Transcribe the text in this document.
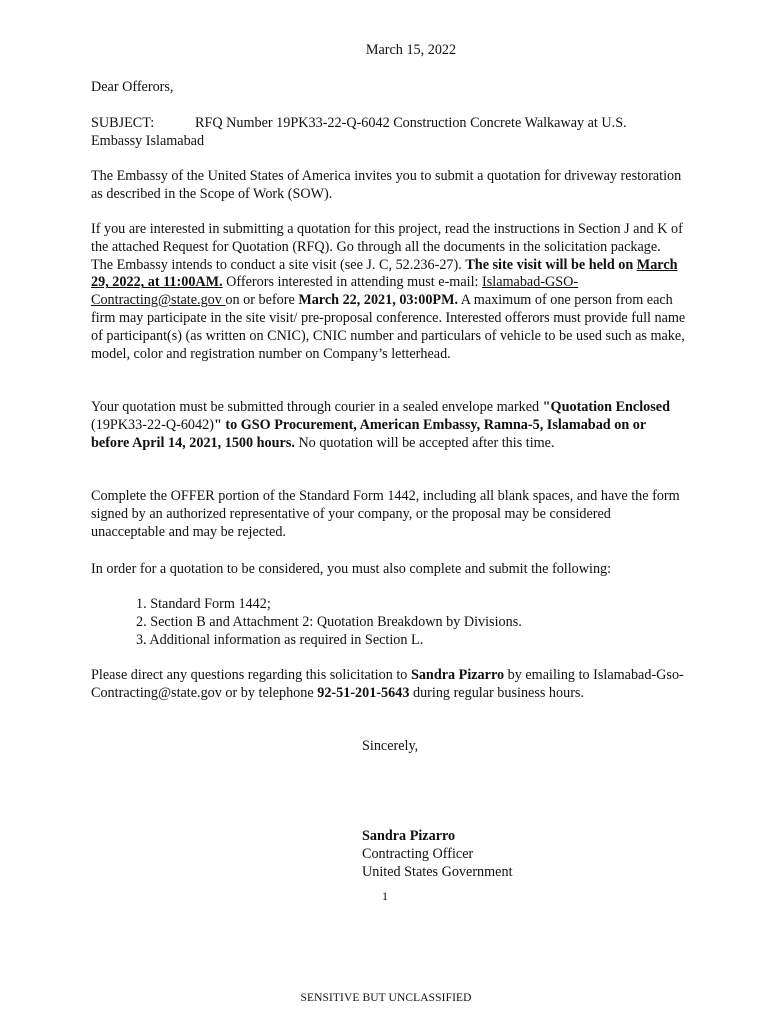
March 15, 2022
Dear Offerors,
SUBJECT:	RFQ Number 19PK33-22-Q-6042 Construction Concrete Walkaway at U.S. Embassy Islamabad

The Embassy of the United States of America invites you to submit a quotation for driveway restoration as described in the Scope of Work (SOW).

If you are interested in submitting a quotation for this project, read the instructions in Section J and K of the attached Request for Quotation (RFQ). Go through all the documents in the solicitation package. The Embassy intends to conduct a site visit (see J. C, 52.236-27). The site visit will be held on March 29, 2022, at 11:00AM. Offerors interested in attending must e-mail: Islamabad-GSO-Contracting@state.gov on or before March 22, 2021, 03:00PM. A maximum of one person from each firm may participate in the site visit/ pre-proposal conference. Interested offerors must provide full name of participant(s) (as written on CNIC), CNIC number and particulars of vehicle to be used such as make, model, color and registration number on Company’s letterhead.

Your quotation must be submitted through courier in a sealed envelope marked "Quotation Enclosed (19PK33-22-Q-6042)" to GSO Procurement, American Embassy, Ramna-5, Islamabad on or before April 14, 2021, 1500 hours. No quotation will be accepted after this time.

Complete the OFFER portion of the Standard Form 1442, including all blank spaces, and have the form signed by an authorized representative of your company, or the proposal may be considered unacceptable and may be rejected.

In order for a quotation to be considered, you must also complete and submit the following:

1. Standard Form 1442;
2. Section B and Attachment 2: Quotation Breakdown by Divisions.
3. Additional information as required in Section L.

Please direct any questions regarding this solicitation to Sandra Pizarro by emailing to Islamabad-Gso-Contracting@state.gov or by telephone 92-51-201-5643 during regular business hours.

Sincerely,
Sandra Pizarro
Contracting Officer
United States Government
1
SENSITIVE BUT UNCLASSIFIED
